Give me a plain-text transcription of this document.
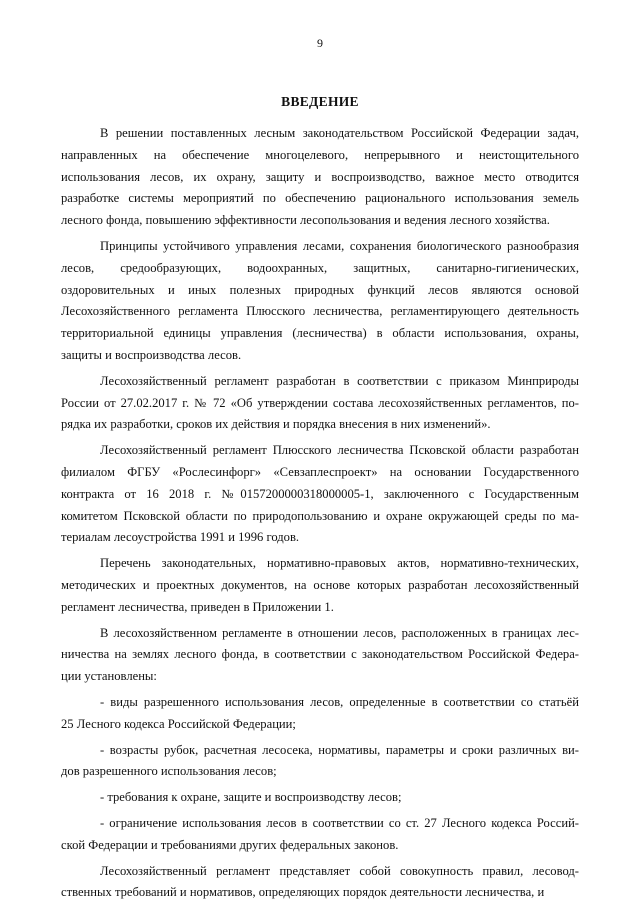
9
ВВЕДЕНИЕ

В решении поставленных лесным законодательством Российской Федерации задач,
направленных на обеспечение многоцелевого, непрерывного и неистощительного
использования лесов, их охрану, защиту и воспроизводство, важное место отводится
разработке системы мероприятий по обеспечению рационального использования земель
лесного фонда, повышению эффективности лесопользования и ведения лесного хозяйства.

Принципы устойчивого управления лесами, сохранения биологического разнообразия
лесов, средообразующих, водоохранных, защитных, санитарно-гигиенических,
оздоровительных и иных полезных природных функций лесов являются основой
Лесохозяйственного регламента Плюсского лесничества, регламентирующего деятельность
территориальной единицы управления (лесничества) в области использования, охраны,
защиты и воспроизводства лесов.

Лесохозяйственный регламент разработан в соответствии с приказом Минприроды
России от 27.02.2017 г. № 72 «Об утверждении состава лесохозяйственных регламентов, по-
рядка их разработки, сроков их действия и порядка внесения в них изменений».

Лесохозяйственный регламент Плюсского лесничества Псковской области разработан
филиалом ФГБУ «Рослесинфорг» «Севзаплеспроект» на основании Государственного
контракта от 16 2018 г. №0157200000318000005-1, заключенного с Государственным
комитетом Псковской области по природопользованию и охране окружающей среды по ма-
териалам лесоустройства 1991 и 1996 годов.

Перечень законодательных, нормативно-правовых актов, нормативно-технических,
методических и проектных документов, на основе которых разработан лесохозяйственный
регламент лесничества, приведен в Приложении 1.

В лесохозяйственном регламенте в отношении лесов, расположенных в границах лес-
ничества на землях лесного фонда, в соответствии с законодательством Российской Федера-
ции установлены:

- виды разрешенного использования лесов, определенные в соответствии со статьёй
25 Лесного кодекса Российской Федерации;

- возрасты рубок, расчетная лесосека, нормативы, параметры и сроки различных ви-
дов разрешенного использования лесов;

- требования к охране, защите и воспроизводству лесов;

- ограничение использования лесов в соответствии со ст. 27 Лесного кодекса Россий-
ской Федерации и требованиями других федеральных законов.

Лесохозяйственный регламент представляет собой совокупность правил, лесовод-
ственных требований и нормативов, определяющих порядок деятельности лесничества, и
